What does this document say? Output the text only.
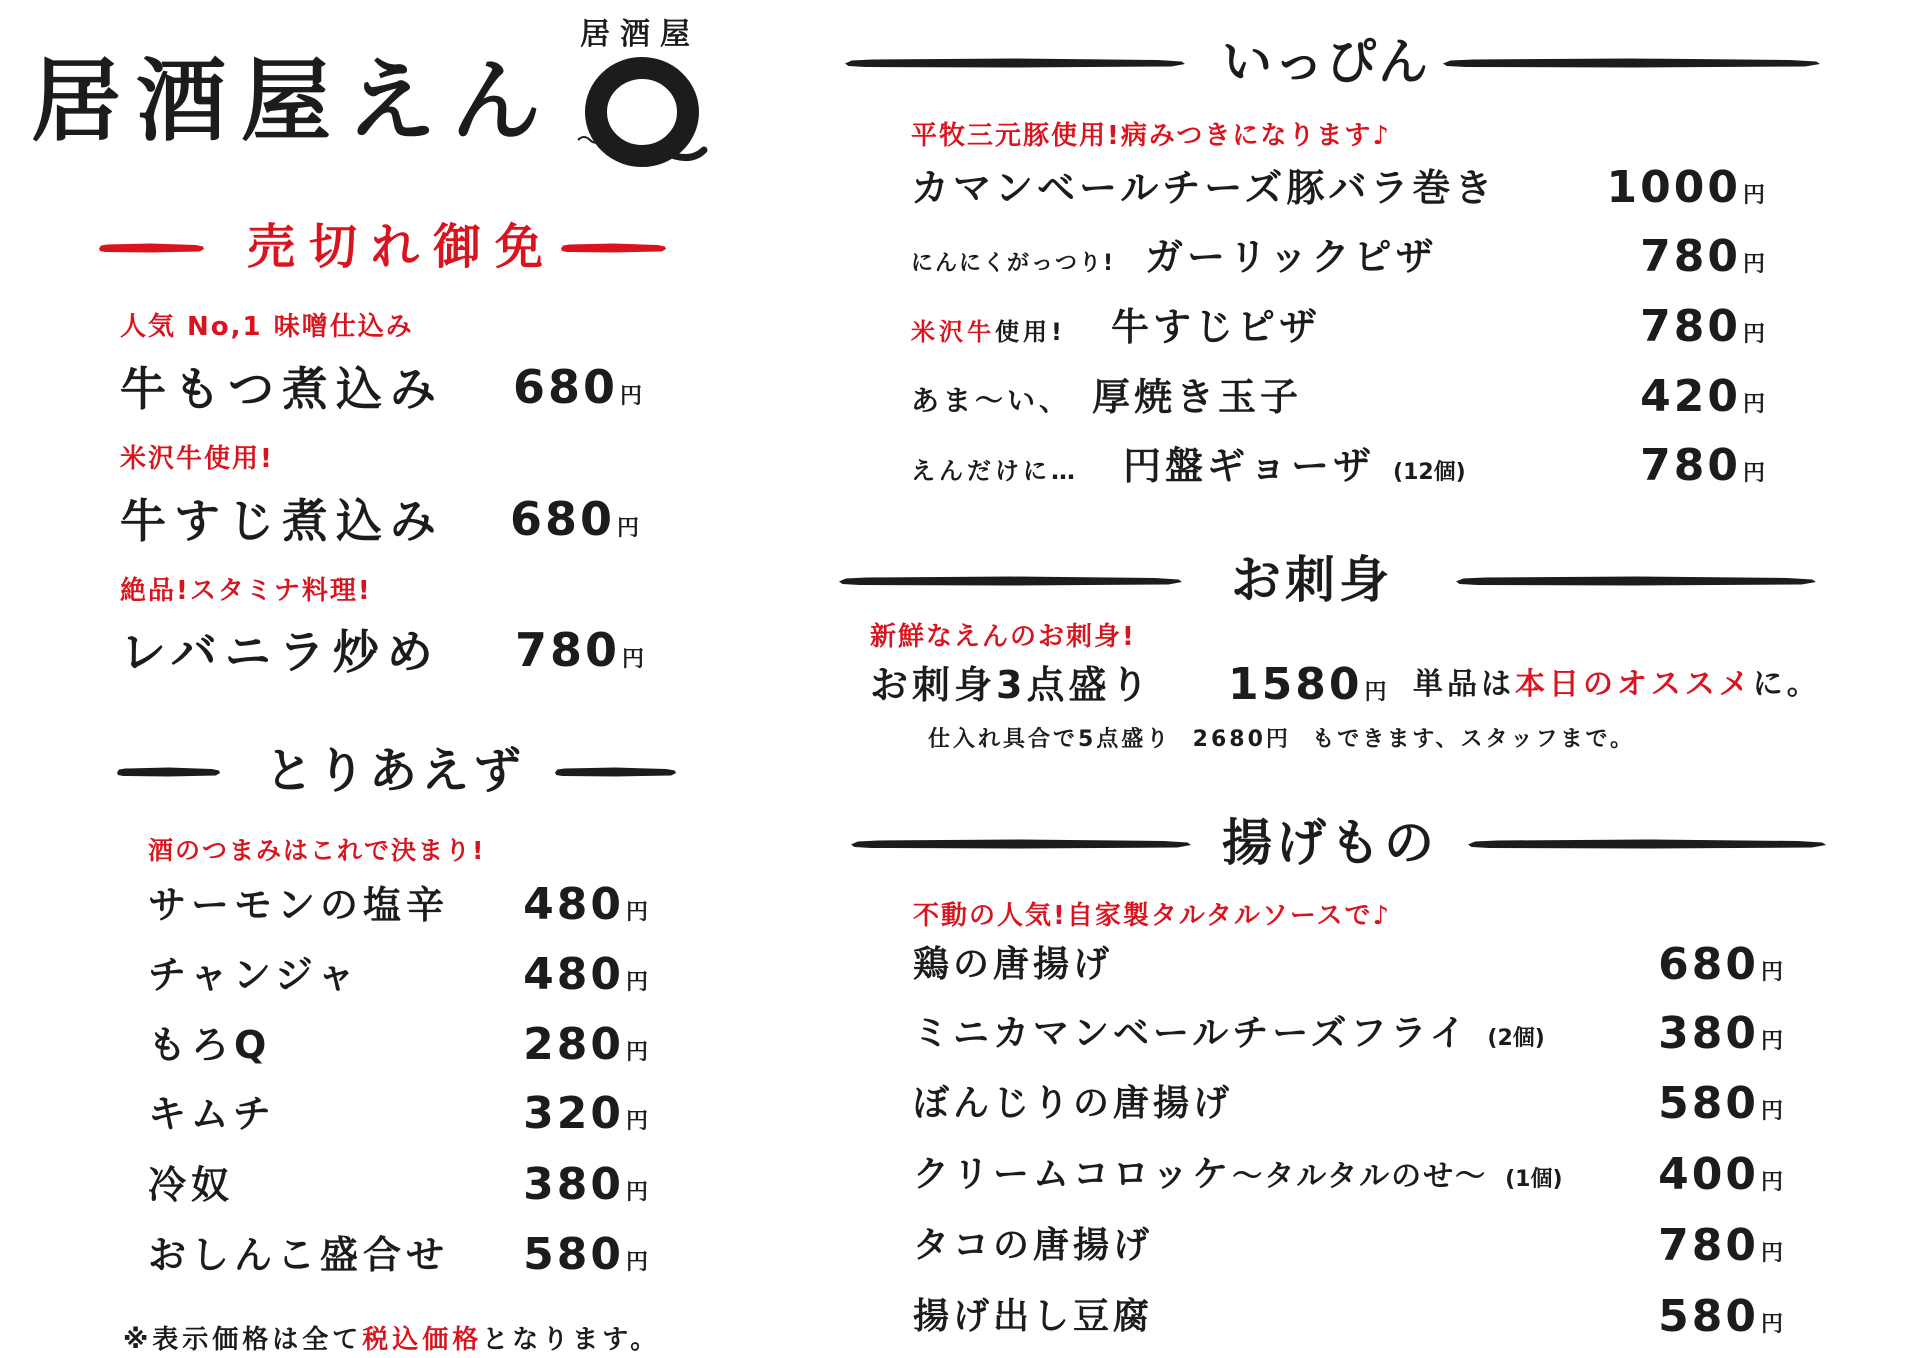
居酒屋えん
居酒屋
売切れ御免
人気 No,1 味噌仕込み
牛もつ煮込み 680円
米沢牛使用!
牛すじ煮込み 680円
絶品!スタミナ料理!
レバニラ炒め 780円
とりあえず
酒のつまみはこれで決まり!
サーモンの塩辛 480円
チャンジャ	480円
もろQ	280円
キムチ	320円
冷奴	380円
おしんこ盛合せ 580円
※表示価格は全て税込価格となります。
いっぴん
平牧三元豚使用!病みつきになります♪
カマンベールチーズ豚バラ巻き	1000円
にんにくがっつり! ガーリックピザ	780円
米沢牛使用!	牛すじピザ	780円
あま〜い、 厚焼き玉子	420円
えんだけに…	円盤ギョーザ (12個)	780円
お刺身
新鮮なえんのお刺身!
お刺身3点盛り 1580円 単品は本日のオススメに。
仕入れ具合で5点盛り 2680円 もできます、スタッフまで。
揚げもの
不動の人気!自家製タルタルソースで♪
鶏の唐揚げ	680円
ミニカマンベールチーズフライ (2個)	380円
ぼんじりの唐揚げ	580円
クリームコロッケ 〜タルタルのせ〜 (1個) 400円
タコの唐揚げ	780円
揚げ出し豆腐	580円
